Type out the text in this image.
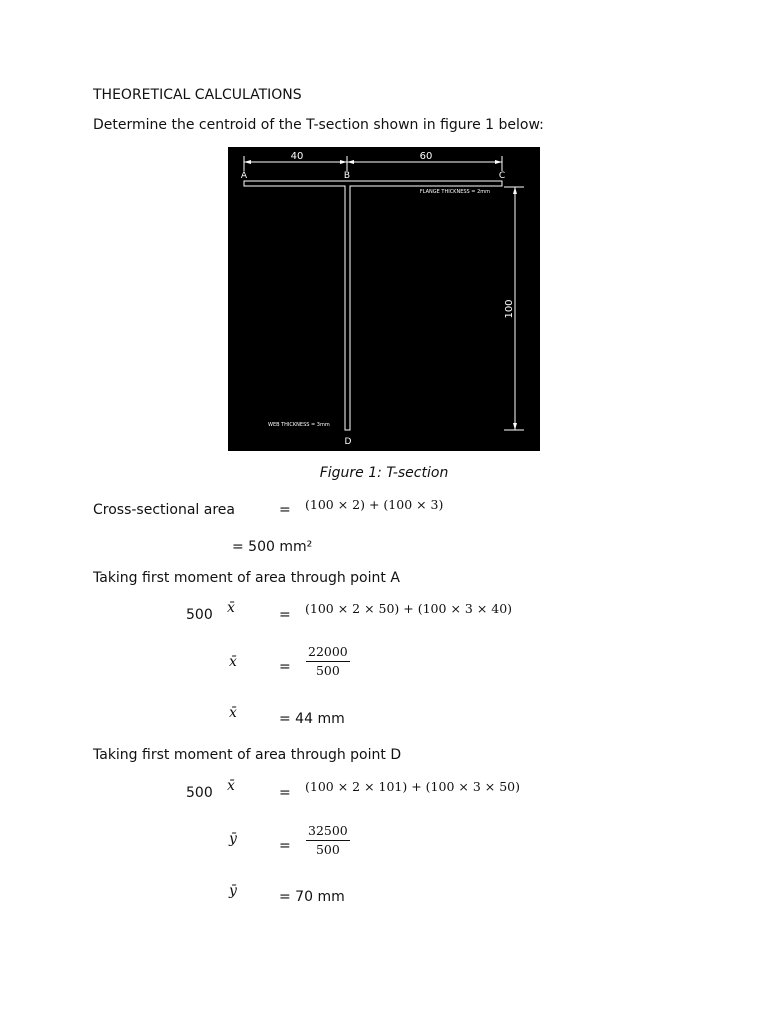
THEORETICAL CALCULATIONS
Determine the centroid of the T-section shown in figure 1 below:
40	60
A	B	C
D
100
FLANGE THICKNESS = 2mm
WEB THICKNESS = 3mm
Figure 1: T-section
Cross-sectional area	= (100 × 2) + (100 × 3)
= 500 mm²
Taking first moment of area through point A
500 x̄	= (100 × 2 × 50) + (100 × 3 × 40)
x̄	= $\frac{22000}{500}$
x̄	= 44 mm
Taking first moment of area through point D
500 x̄	= (100 × 2 × 101) + (100 × 3 × 50)
ȳ	= $\frac{32500}{500}$
ȳ	= 70 mm
